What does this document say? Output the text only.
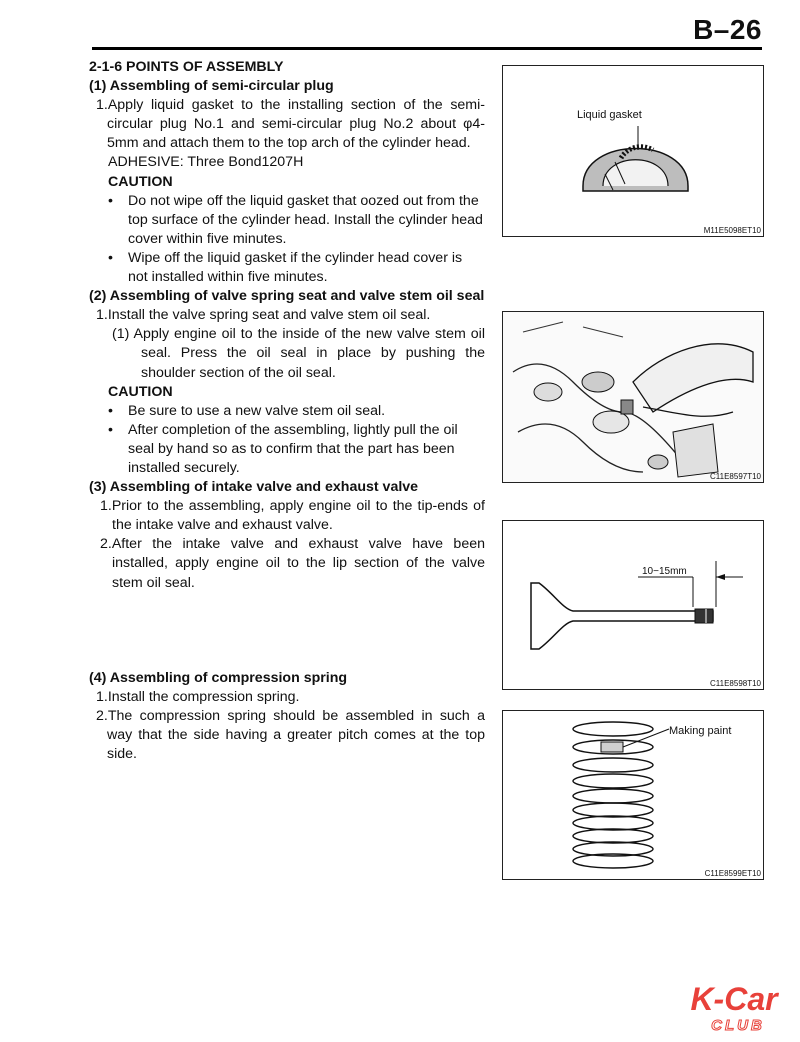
B–26

2-1-6 POINTS OF ASSEMBLY

(1) Assembling of semi-circular plug

1.Apply liquid gasket to the installing section of the semi-circular plug No.1 and semi-circular plug No.2 about φ4-5mm and attach them to the top arch of the cylinder head.

ADHESIVE: Three Bond1207H

CAUTION

• Do not wipe off the liquid gasket that oozed out from the top surface of the cylinder head. Install the cylinder head cover within five minutes.

• Wipe off the liquid gasket if the cylinder head cover is not installed within five minutes.

(2) Assembling of valve spring seat and valve stem oil seal

1.Install the valve spring seat and valve stem oil seal.

(1) Apply engine oil to the inside of the new valve stem oil seal. Press the oil seal in place by pushing the shoulder section of the oil seal.

CAUTION

• Be sure to use a new valve stem oil seal.

• After completion of the assembling, lightly pull the oil seal by hand so as to confirm that the part has been installed securely.

(3) Assembling of intake valve and exhaust valve

1.Prior to the assembling, apply engine oil to the tip-ends of the intake valve and exhaust valve.

2.After the intake valve and exhaust valve have been installed, apply engine oil to the lip section of the valve stem oil seal.

(4) Assembling of compression spring

1.Install the compression spring.

2.The compression spring should be assembled in such a way that the side having a greater pitch comes at the top side.

Liquid gasket
M11E5098ET10
C11E8597T10
10−15mm
C11E8598T10
Making paint
C11E8599ET10
K-Car
CLUB
